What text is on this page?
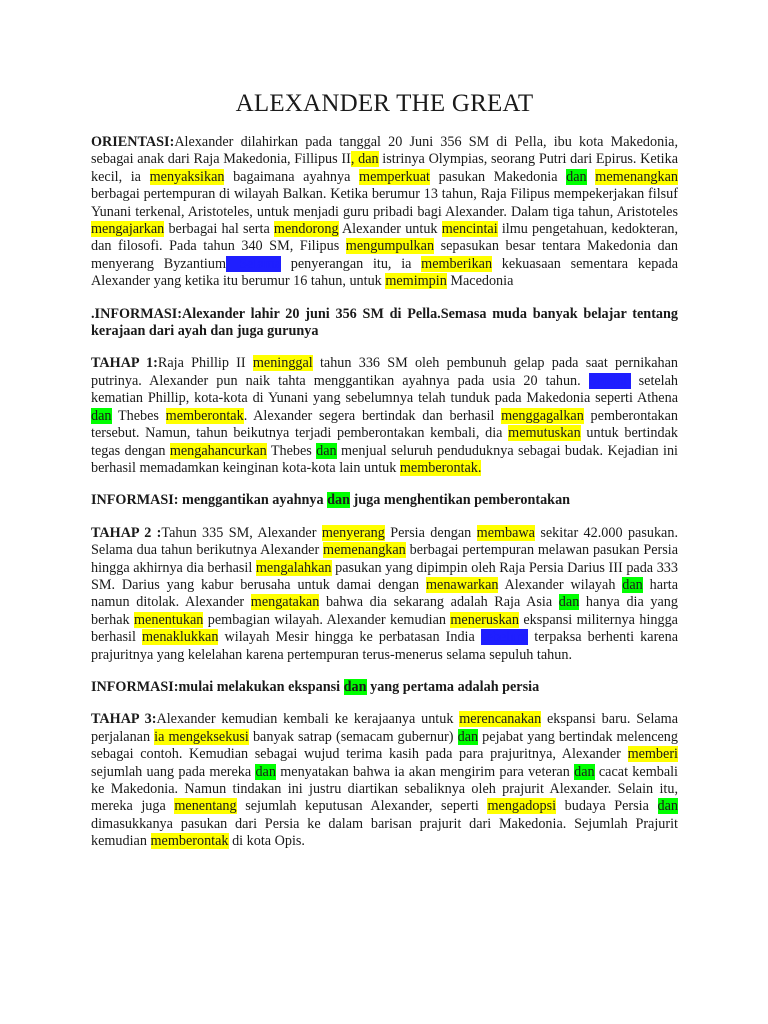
ALEXANDER THE GREAT

ORIENTASI:Alexander dilahirkan pada tanggal 20 Juni 356 SM di Pella, ibu kota Makedonia, sebagai anak dari Raja Makedonia, Fillipus II, dan istrinya Olympias, seorang Putri dari Epirus. Ketika kecil, ia menyaksikan bagaimana ayahnya memperkuat pasukan Makedonia dan memenangkan berbagai pertempuran di wilayah Balkan. Ketika berumur 13 tahun, Raja Filipus mempekerjakan filsuf Yunani terkenal, Aristoteles, untuk menjadi guru pribadi bagi Alexander. Dalam tiga tahun, Aristoteles mengajarkan berbagai hal serta mendorong Alexander untuk mencintai ilmu pengetahuan, kedokteran, dan filosofi. Pada tahun 340 SM, Filipus mengumpulkan sepasukan besar tentara Makedonia dan menyerang Byzantium. Selama penyerangan itu, ia memberikan kekuasaan sementara kepada Alexander yang ketika itu berumur 16 tahun, untuk memimpin Macedonia

.INFORMASI:Alexander lahir 20 juni 356 SM di Pella.Semasa muda banyak belajar tentang kerajaan dari ayah dan juga gurunya

TAHAP 1:Raja Phillip II meninggal tahun 336 SM oleh pembunuh gelap pada saat pernikahan putrinya. Alexander pun naik tahta menggantikan ayahnya pada usia 20 tahun. Setelah setelah kematian Phillip, kota-kota di Yunani yang sebelumnya telah tunduk pada Makedonia seperti Athena dan Thebes memberontak. Alexander segera bertindak dan berhasil menggagalkan pemberontakan tersebut. Namun, tahun beikutnya terjadi pemberontakan kembali, dia memutuskan untuk bertindak tegas dengan mengahancurkan Thebes dan menjual seluruh penduduknya sebagai budak. Kejadian ini berhasil memadamkan keinginan kota-kota lain untuk memberontak.

INFORMASI: menggantikan ayahnya dan juga menghentikan pemberontakan

TAHAP 2 :Tahun 335 SM, Alexander menyerang Persia dengan membawa sekitar 42.000 pasukan. Selama dua tahun berikutnya Alexander memenangkan berbagai pertempuran melawan pasukan Persia hingga akhirnya dia berhasil mengalahkan pasukan yang dipimpin oleh Raja Persia Darius III pada 333 SM. Darius yang kabur berusaha untuk damai dengan menawarkan Alexander wilayah dan harta namun ditolak. Alexander mengatakan bahwa dia sekarang adalah Raja Asia dan hanya dia yang berhak menentukan pembagian wilayah. Alexander kemudian meneruskan ekspansi militernya hingga berhasil menaklukkan wilayah Mesir hingga ke perbatasan India sebelum terpaksa berhenti karena prajuritnya yang kelelahan karena pertempuran terus-menerus selama sepuluh tahun.

INFORMASI:mulai melakukan ekspansi dan yang pertama adalah persia

TAHAP 3:Alexander kemudian kembali ke kerajaanya untuk merencanakan ekspansi baru. Selama perjalanan ia mengeksekusi banyak satrap (semacam gubernur) dan pejabat yang bertindak melenceng sebagai contoh. Kemudian sebagai wujud terima kasih pada para prajuritnya, Alexander memberi sejumlah uang pada mereka dan menyatakan bahwa ia akan mengirim para veteran dan cacat kembali ke Makedonia. Namun tindakan ini justru diartikan sebaliknya oleh prajurit Alexander. Selain itu, mereka juga menentang sejumlah keputusan Alexander, seperti mengadopsi budaya Persia dan dimasukkanya pasukan dari Persia ke dalam barisan prajurit dari Makedonia. Sejumlah Prajurit kemudian memberontak di kota Opis.
